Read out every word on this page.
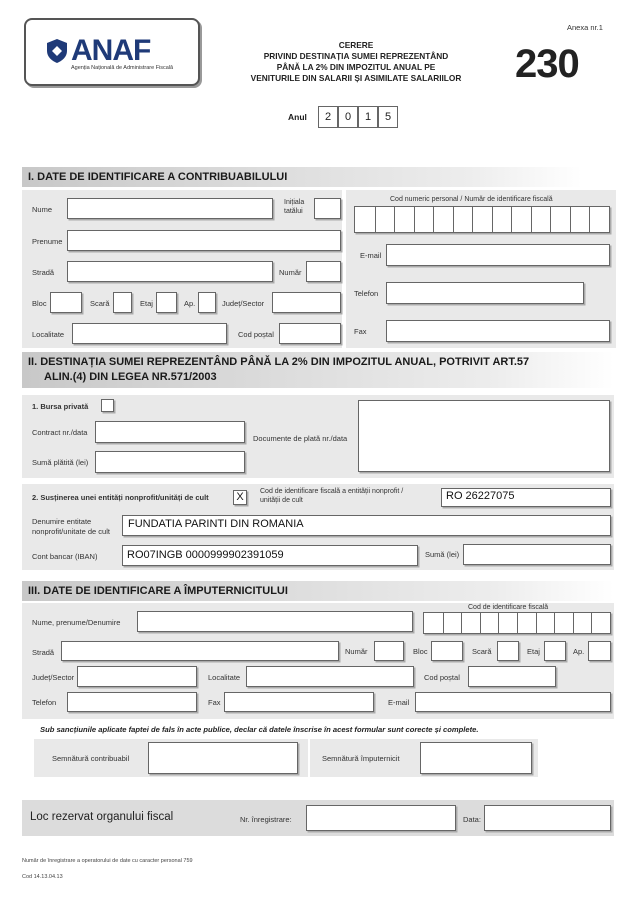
ANAF
Agenția Națională de Administrare Fiscală
CERERE
PRIVIND DESTINAȚIA SUMEI REPREZENTÂND
PÂNĂ LA 2% DIN IMPOZITUL ANUAL PE
VENITURILE DIN SALARII ȘI ASIMILATE SALARIILOR
Anexa nr.1
230
Anul	2	0	1	5
I. DATE DE IDENTIFICARE A CONTRIBUABILULUI
Nume
Inițiala
tatălui
Cod numeric personal / Număr de identificare fiscală
Prenume
E-mail
Stradă	Număr
Telefon
Bloc	Scară	Etaj	Ap.	Județ/Sector
Fax
Localitate	Cod poștal
II. DESTINAȚIA SUMEI REPREZENTÂND PÂNĂ LA 2% DIN IMPOZITUL ANUAL, POTRIVIT ART.57
ALIN.(4) DIN LEGEA NR.571/2003
1. Bursa privată
Contract nr./data
Documente de plată nr./data
Sumă plătită (lei)
2. Susținerea unei entități nonprofit/unități de cult	X	Cod de identificare fiscală a entității nonprofit /
unității de cult	RO 26227075
Denumire entitate
nonprofit/unitate de cult
FUNDATIA PARINTI DIN ROMANIA
Cont bancar (IBAN)	RO07INGB 0000999902391059	Sumă (lei)
III. DATE DE IDENTIFICARE A ÎMPUTERNICITULUI
Cod de identificare fiscală
Nume, prenume/Denumire
Stradă	Număr	Bloc	Scară	Etaj	Ap.
Județ/Sector	Localitate	Cod poștal
Telefon	Fax	E-mail
Sub sancțiunile aplicate faptei de fals în acte publice, declar că datele înscrise în acest formular sunt corecte și complete.
Semnătură contribuabil	Semnătură împuternicit
Loc rezervat organului fiscal	Nr. înregistrare:	Data:
Număr de înregistrare a operatorului de date cu caracter personal 759
Cod 14.13.04.13
